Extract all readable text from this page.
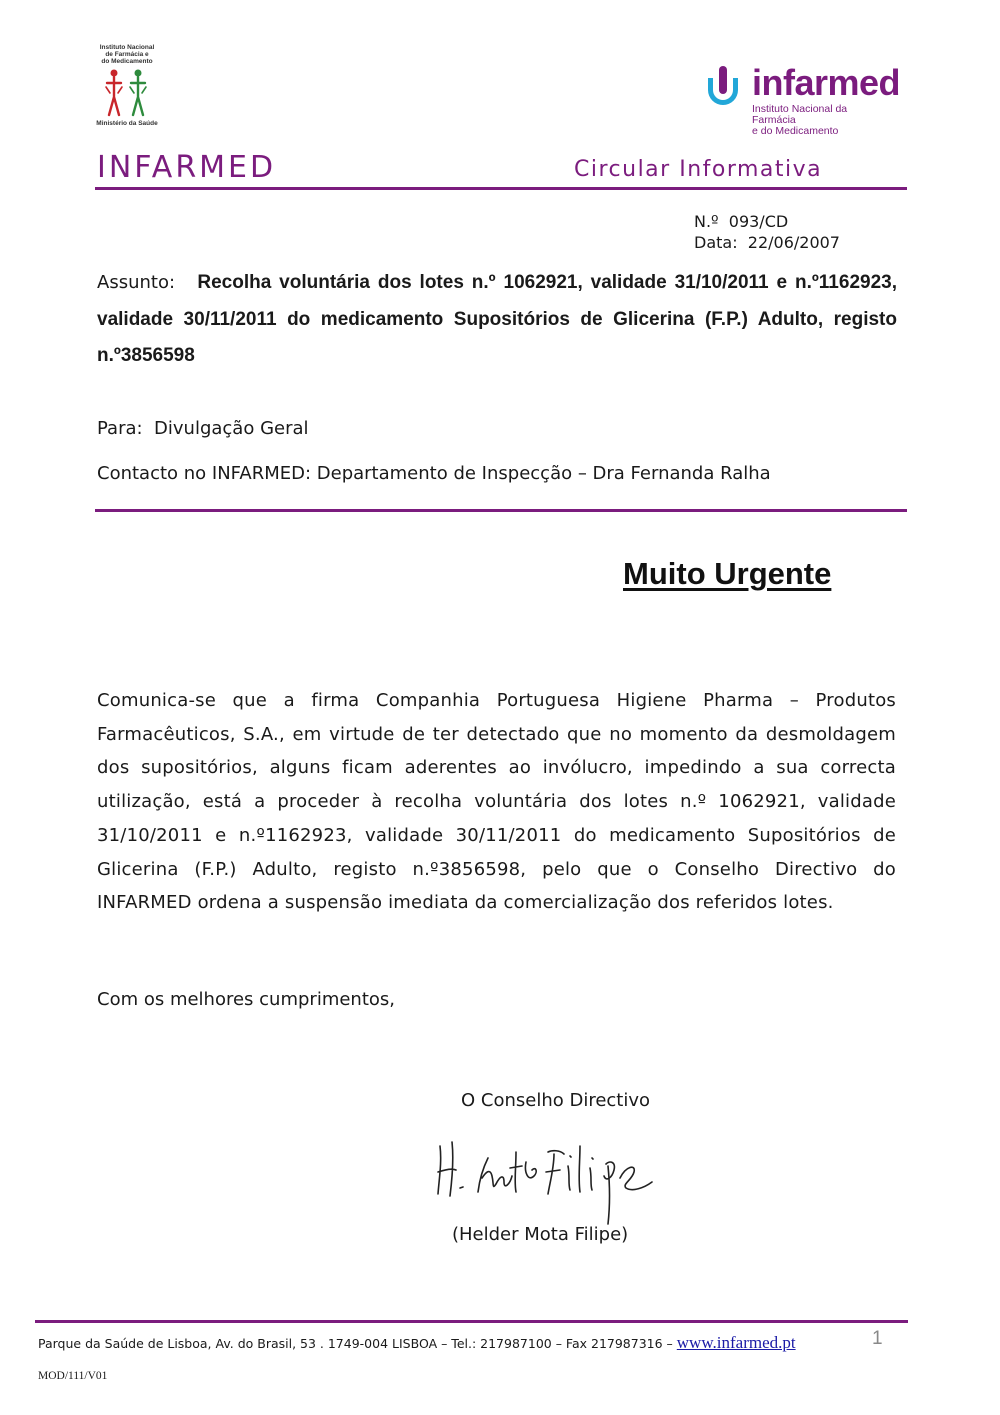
Instituto Nacional
de Farmácia e
do Medicamento
Ministério da Saúde
infarmed
Instituto Nacional da Farmácia
e do Medicamento
INFARMED	Circular Informativa
N.º 093/CD
Data: 22/06/2007
Assunto: Recolha voluntária dos lotes n.º 1062921, validade 31/10/2011 e n.º1162923, validade 30/11/2011 do medicamento Supositórios de Glicerina (F.P.) Adulto, registo n.º3856598
Para: Divulgação Geral
Contacto no INFARMED: Departamento de Inspecção – Dra Fernanda Ralha
Muito Urgente
Comunica-se que a firma Companhia Portuguesa Higiene Pharma – Produtos Farmacêuticos, S.A., em virtude de ter detectado que no momento da desmoldagem dos supositórios, alguns ficam aderentes ao invólucro, impedindo a sua correcta utilização, está a proceder à recolha voluntária dos lotes n.º 1062921, validade 31/10/2011 e n.º1162923, validade 30/11/2011 do medicamento Supositórios de Glicerina (F.P.) Adulto, registo n.º3856598, pelo que o Conselho Directivo do INFARMED ordena a suspensão imediata da comercialização dos referidos lotes.
Com os melhores cumprimentos,
O Conselho Directivo
(Helder Mota Filipe)
Parque da Saúde de Lisboa, Av. do Brasil, 53 . 1749-004 LISBOA – Tel.: 217987100 – Fax 217987316 – www.infarmed.pt	1
MOD/111/V01
